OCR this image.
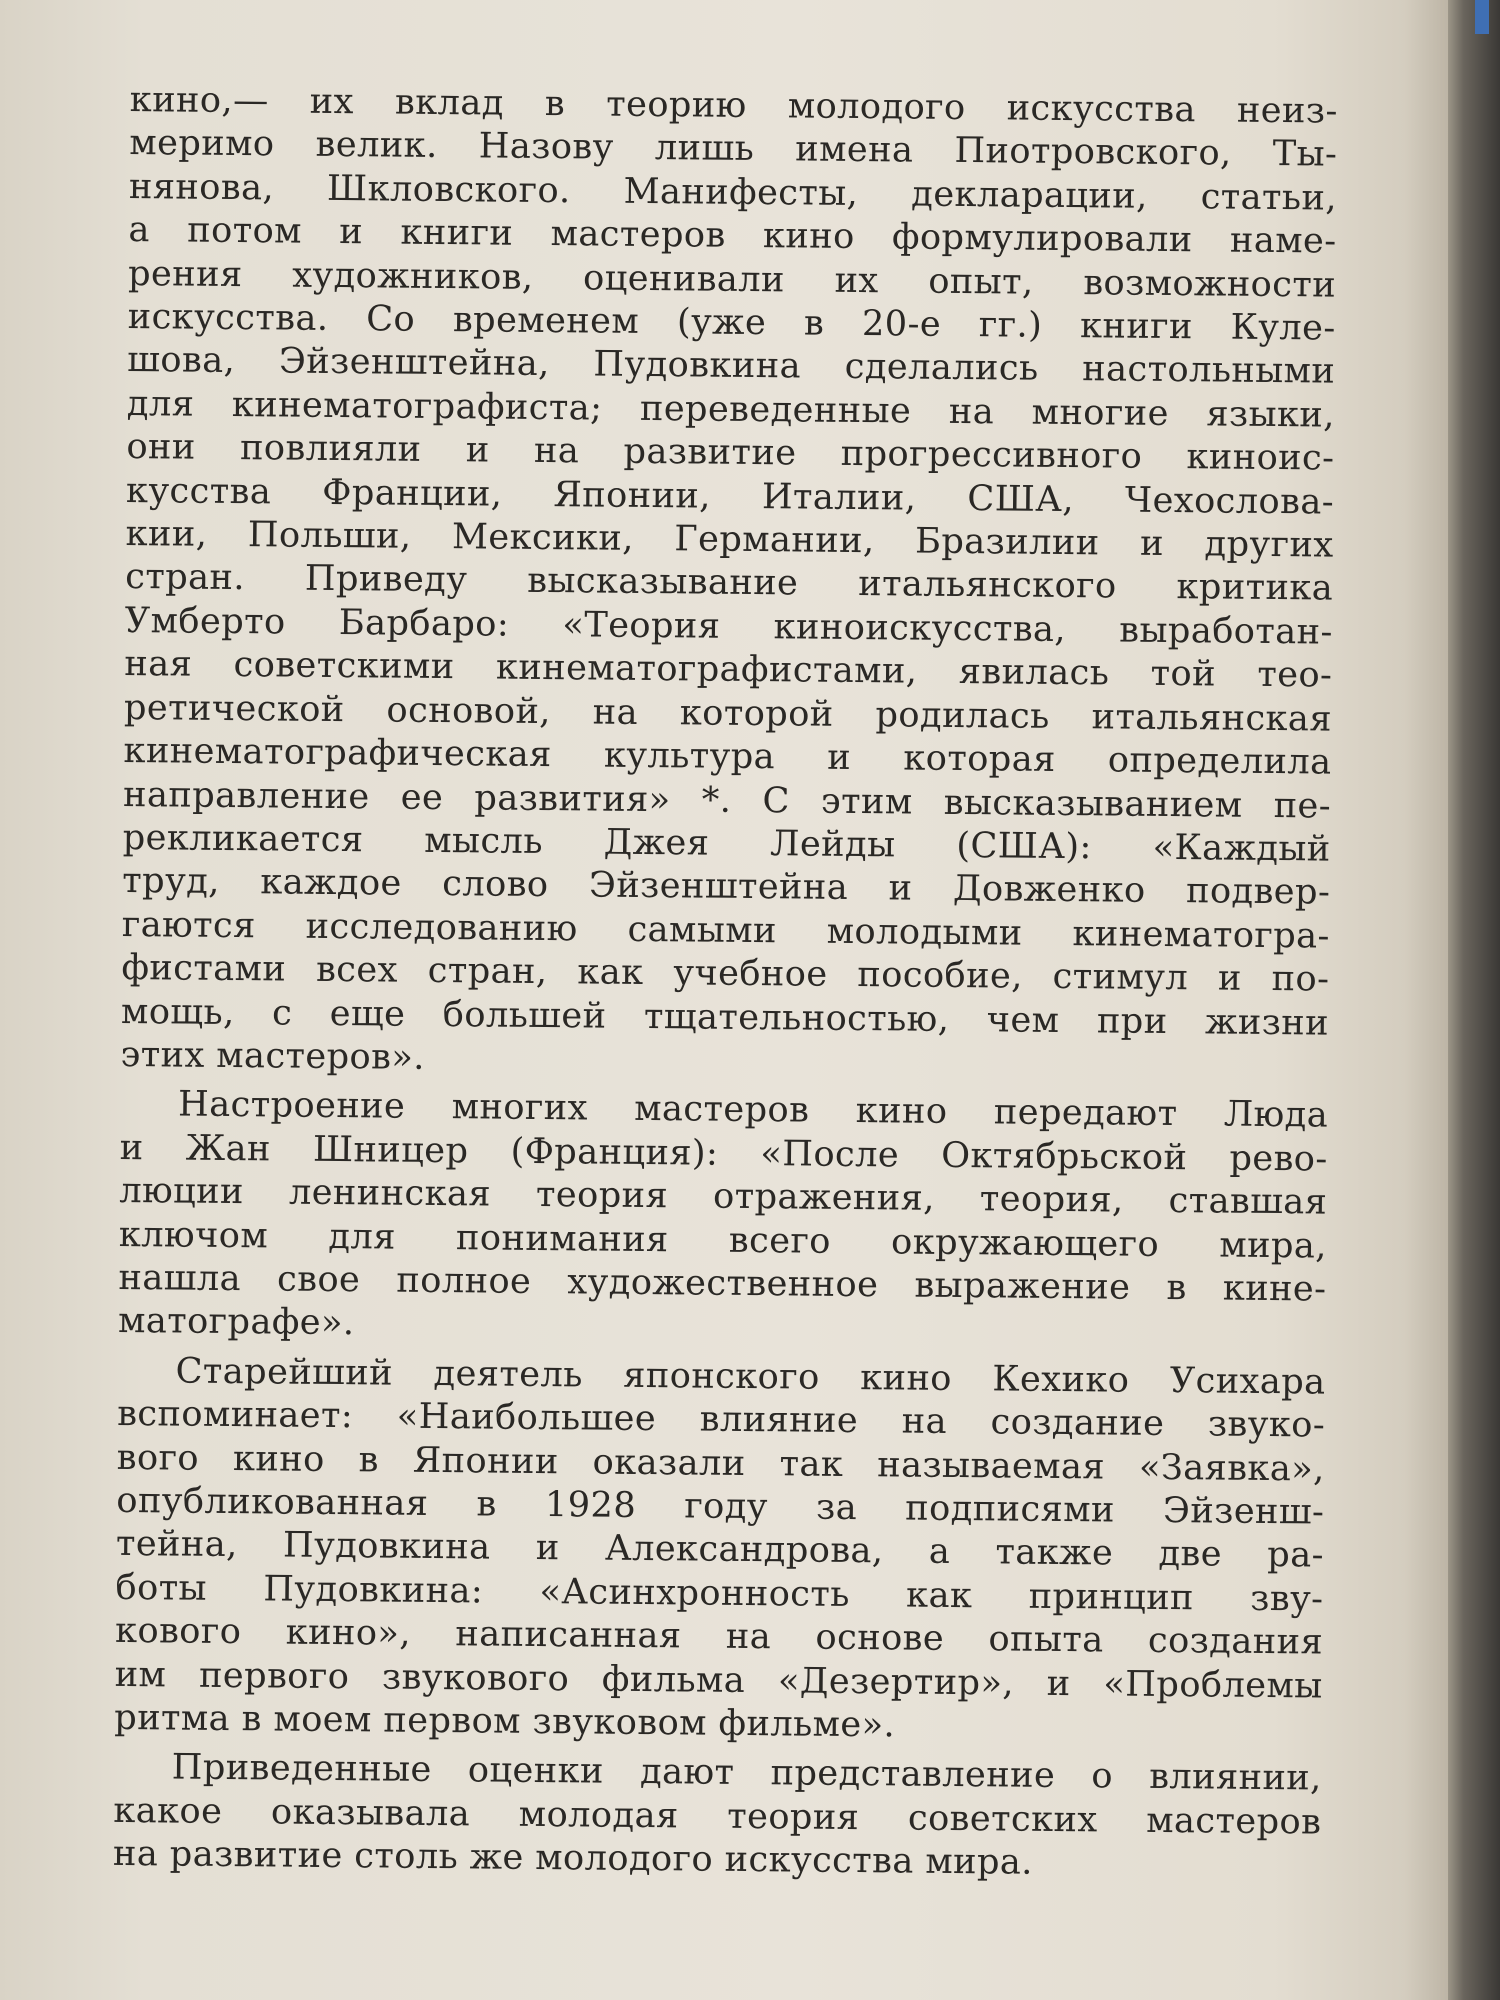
кино,— их вклад в теорию молодого искусства неиз-
меримо велик. Назову лишь имена Пиотровского, Ты-
нянова, Шкловского. Манифесты, декларации, статьи,
а потом и книги мастеров кино формулировали наме-
рения художников, оценивали их опыт, возможности
искусства. Со временем (уже в 20-е гг.) книги Куле-
шова, Эйзенштейна, Пудовкина сделались настольными
для кинематографиста; переведенные на многие языки,
они повлияли и на развитие прогрессивного киноис-
кусства Франции, Японии, Италии, США, Чехослова-
кии, Польши, Мексики, Германии, Бразилии и других
стран. Приведу высказывание итальянского критика
Умберто Барбаро: «Теория киноискусства, выработан-
ная советскими кинематографистами, явилась той тео-
ретической основой, на которой родилась итальянская
кинематографическая культура и которая определила
направление ее развития» *. С этим высказыванием пе-
рекликается мысль Джея Лейды (США): «Каждый
труд, каждое слово Эйзенштейна и Довженко подвер-
гаются исследованию самыми молодыми кинематогра-
фистами всех стран, как учебное пособие, стимул и по-
мощь, с еще большей тщательностью, чем при жизни
этих мастеров».

Настроение многих мастеров кино передают Люда
и Жан Шницер (Франция): «После Октябрьской рево-
люции ленинская теория отражения, теория, ставшая
ключом для понимания всего окружающего мира,
нашла свое полное художественное выражение в кине-
матографе».

Старейший деятель японского кино Кехико Усихара
вспоминает: «Наибольшее влияние на создание звуко-
вого кино в Японии оказали так называемая «Заявка»,
опубликованная в 1928 году за подписями Эйзенш-
тейна, Пудовкина и Александрова, а также две ра-
боты Пудовкина: «Асинхронность как принцип зву-
кового кино», написанная на основе опыта создания
им первого звукового фильма «Дезертир», и «Проблемы
ритма в моем первом звуковом фильме».

Приведенные оценки дают представление о влиянии,
какое оказывала молодая теория советских мастеров
на развитие столь же молодого искусства мира.
